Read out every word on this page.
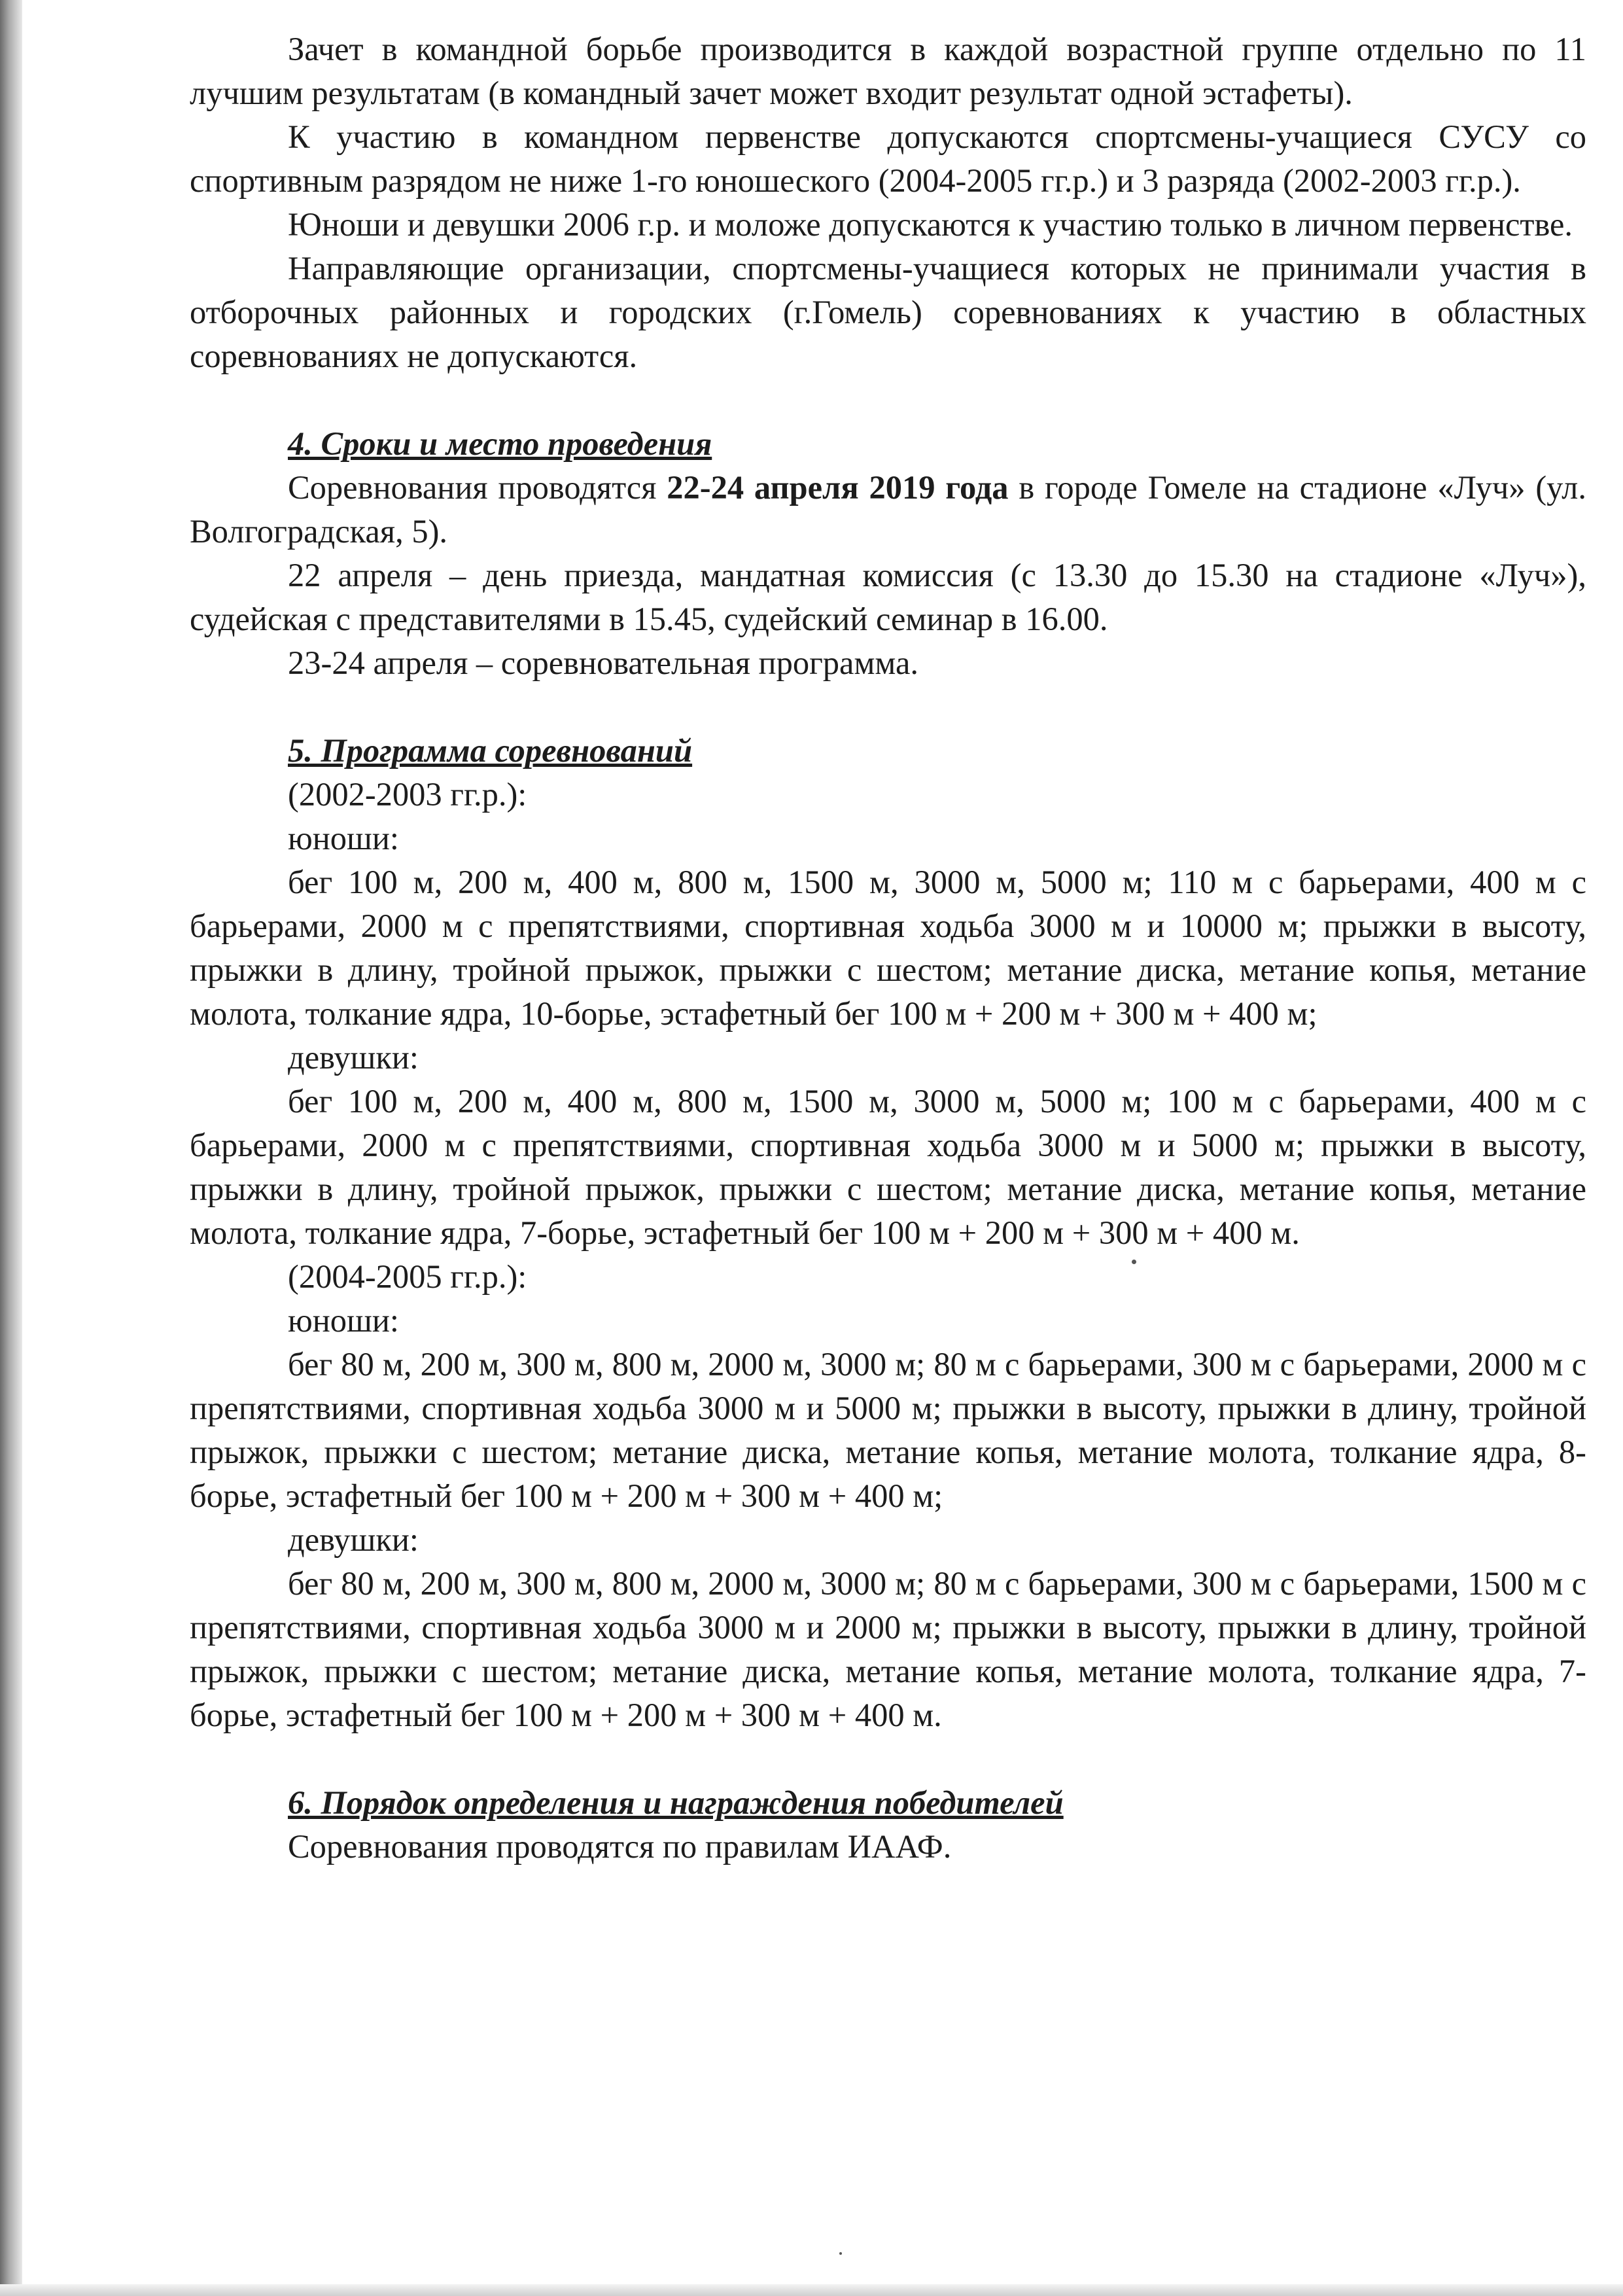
Зачет в командной борьбе производится в каждой возрастной группе отдельно по 11 лучшим результатам (в командный зачет может входит результат одной эстафеты).

К участию в командном первенстве допускаются спортсмены-учащиеся СУСУ со спортивным разрядом не ниже 1-го юношеского (2004-2005 гг.р.) и 3 разряда (2002-2003 гг.р.).

Юноши и девушки 2006 г.р. и моложе допускаются к участию только в личном первенстве.

Направляющие организации, спортсмены-учащиеся которых не принимали участия в отборочных районных и городских (г.Гомель) соревнованиях к участию в областных соревнованиях не допускаются.

4. Сроки и место проведения

Соревнования проводятся 22-24 апреля 2019 года в городе Гомеле на стадионе «Луч» (ул. Волгоградская, 5).

22 апреля – день приезда, мандатная комиссия (с 13.30 до 15.30 на стадионе «Луч»), судейская с представителями в 15.45, судейский семинар в 16.00.

23-24 апреля – соревновательная программа.

5. Программа соревнований

(2002-2003 гг.р.):

юноши:

бег 100 м, 200 м, 400 м, 800 м, 1500 м, 3000 м, 5000 м; 110 м с барьерами, 400 м с барьерами, 2000 м с препятствиями, спортивная ходьба 3000 м и 10000 м; прыжки в высоту, прыжки в длину, тройной прыжок, прыжки с шестом; метание диска, метание копья, метание молота, толкание ядра, 10-борье, эстафетный бег 100 м + 200 м + 300 м + 400 м;

девушки:

бег 100 м, 200 м, 400 м, 800 м, 1500 м, 3000 м, 5000 м; 100 м с барьерами, 400 м с барьерами, 2000 м с препятствиями, спортивная ходьба 3000 м и 5000 м; прыжки в высоту, прыжки в длину, тройной прыжок, прыжки с шестом; метание диска, метание копья, метание молота, толкание ядра, 7-борье, эстафетный бег 100 м + 200 м + 300 м + 400 м.

(2004-2005 гг.р.):

юноши:

бег 80 м, 200 м, 300 м, 800 м, 2000 м, 3000 м; 80 м с барьерами, 300 м с барьерами, 2000 м с препятствиями, спортивная ходьба 3000 м и 5000 м; прыжки в высоту, прыжки в длину, тройной прыжок, прыжки с шестом; метание диска, метание копья, метание молота, толкание ядра, 8-борье, эстафетный бег 100 м + 200 м + 300 м + 400 м;

девушки:

бег 80 м, 200 м, 300 м, 800 м, 2000 м, 3000 м; 80 м с барьерами, 300 м с барьерами, 1500 м с препятствиями, спортивная ходьба 3000 м и 2000 м; прыжки в высоту, прыжки в длину, тройной прыжок, прыжки с шестом; метание диска, метание копья, метание молота, толкание ядра, 7-борье, эстафетный бег 100 м + 200 м + 300 м + 400 м.

6. Порядок определения и награждения победителей

Соревнования проводятся по правилам ИААФ.
